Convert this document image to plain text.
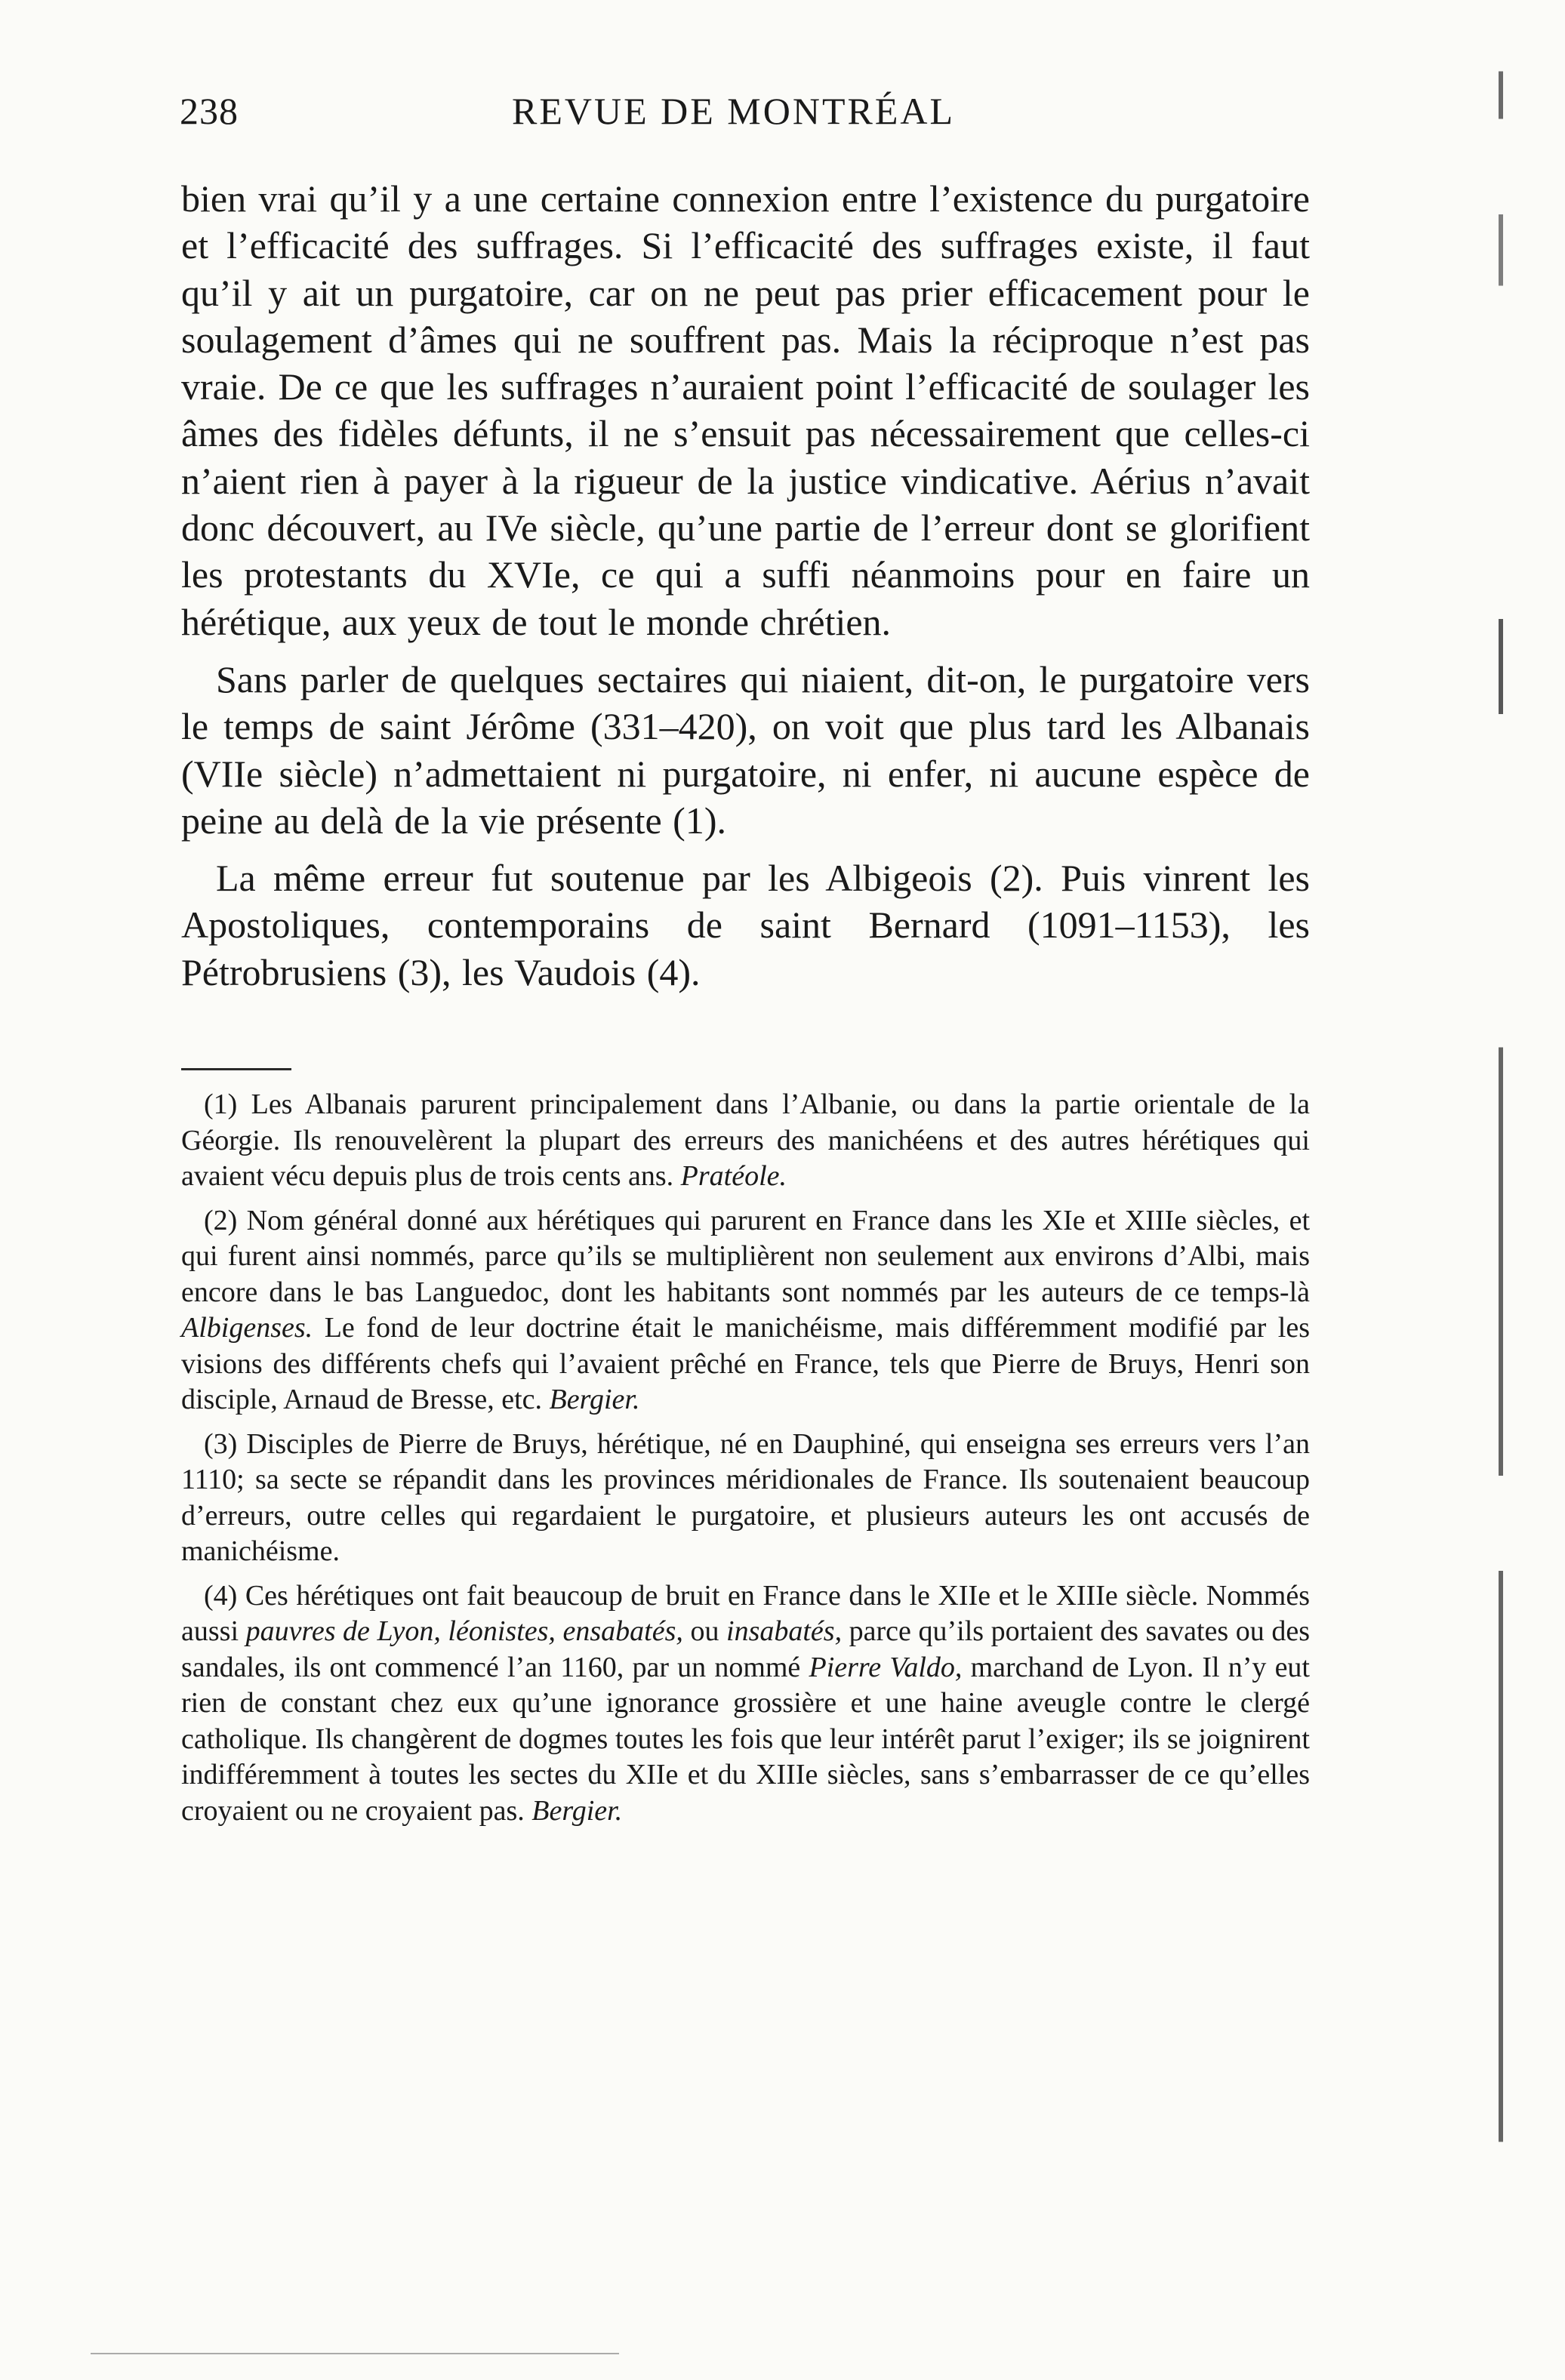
238	REVUE DE MONTRÉAL

bien vrai qu’il y a une certaine connexion entre l’existence du purgatoire et l’efficacité des suffrages. Si l’efficacité des suffrages existe, il faut qu’il y ait un purgatoire, car on ne peut pas prier efficacement pour le soulagement d’âmes qui ne souffrent pas. Mais la réciproque n’est pas vraie. De ce que les suffrages n’auraient point l’efficacité de soulager les âmes des fidèles défunts, il ne s’ensuit pas nécessairement que celles-ci n’aient rien à payer à la rigueur de la justice vindicative. Aérius n’avait donc découvert, au IVe siècle, qu’une partie de l’erreur dont se glorifient les protestants du XVIe, ce qui a suffi néanmoins pour en faire un hérétique, aux yeux de tout le monde chrétien.

Sans parler de quelques sectaires qui niaient, dit-on, le purgatoire vers le temps de saint Jérôme (331–420), on voit que plus tard les Albanais (VIIe siècle) n’admettaient ni purgatoire, ni enfer, ni aucune espèce de peine au delà de la vie présente (1).

La même erreur fut soutenue par les Albigeois (2). Puis vinrent les Apostoliques, contemporains de saint Bernard (1091–1153), les Pétrobrusiens (3), les Vaudois (4).

(1) Les Albanais parurent principalement dans l’Albanie, ou dans la partie orientale de la Géorgie. Ils renouvelèrent la plupart des erreurs des manichéens et des autres hérétiques qui avaient vécu depuis plus de trois cents ans. Pratéole.

(2) Nom général donné aux hérétiques qui parurent en France dans les XIe et XIIIe siècles, et qui furent ainsi nommés, parce qu’ils se multiplièrent non seulement aux environs d’Albi, mais encore dans le bas Languedoc, dont les habitants sont nommés par les auteurs de ce temps-là Albigenses. Le fond de leur doctrine était le manichéisme, mais différemment modifié par les visions des différents chefs qui l’avaient prêché en France, tels que Pierre de Bruys, Henri son disciple, Arnaud de Bresse, etc. Bergier.

(3) Disciples de Pierre de Bruys, hérétique, né en Dauphiné, qui enseigna ses erreurs vers l’an 1110; sa secte se répandit dans les provinces méridionales de France. Ils soutenaient beaucoup d’erreurs, outre celles qui regardaient le purgatoire, et plusieurs auteurs les ont accusés de manichéisme.

(4) Ces hérétiques ont fait beaucoup de bruit en France dans le XIIe et le XIIIe siècle. Nommés aussi pauvres de Lyon, léonistes, ensabatés, ou insabatés, parce qu’ils portaient des savates ou des sandales, ils ont commencé l’an 1160, par un nommé Pierre Valdo, marchand de Lyon. Il n’y eut rien de constant chez eux qu’une ignorance grossière et une haine aveugle contre le clergé catholique. Ils changèrent de dogmes toutes les fois que leur intérêt parut l’exiger; ils se joignirent indifféremment à toutes les sectes du XIIe et du XIIIe siècles, sans s’embarrasser de ce qu’elles croyaient ou ne croyaient pas. Bergier.
